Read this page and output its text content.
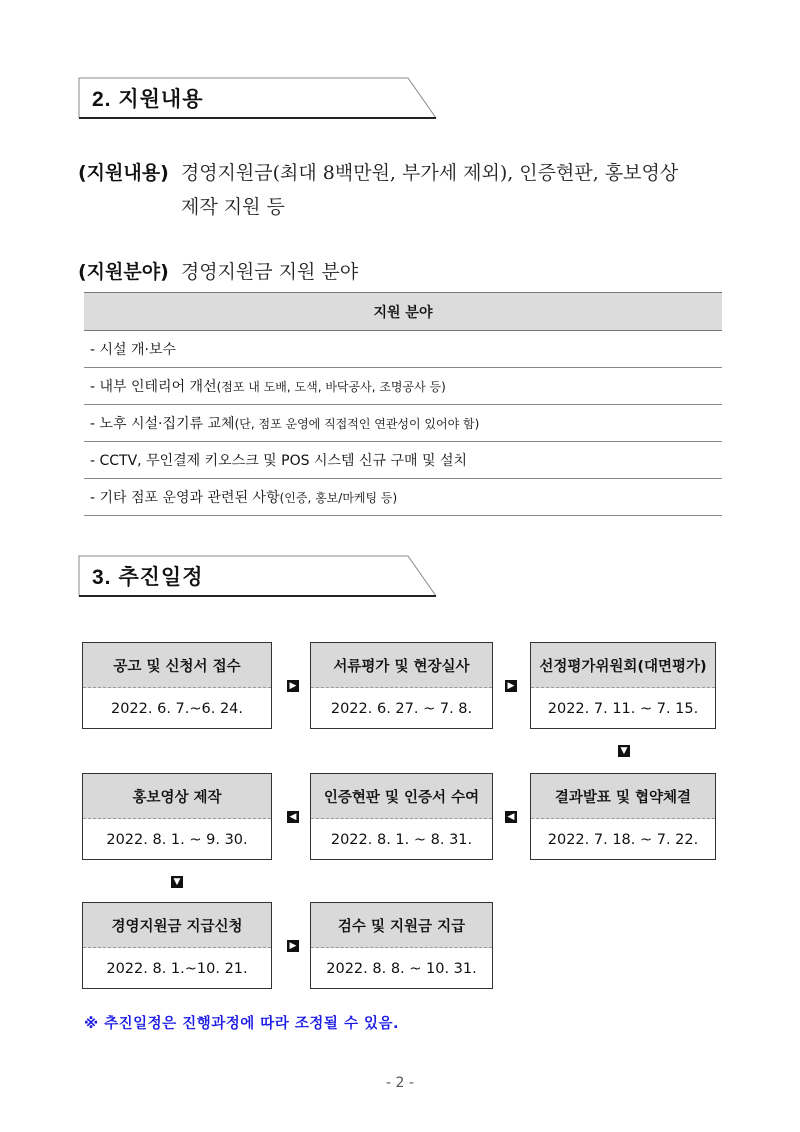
2. 지원내용
(지원내용) 경영지원금(최대 8백만원, 부가세 제외), 인증현판, 홍보영상
제작 지원 등
(지원분야) 경영지원금 지원 분야
지원 분야
- 시설 개·보수
- 내부 인테리어 개선(점포 내 도배, 도색, 바닥공사, 조명공사 등)
- 노후 시설·집기류 교체(단, 점포 운영에 직접적인 연관성이 있어야 함)
- CCTV, 무인결제 키오스크 및 POS 시스템 신규 구매 및 설치
- 기타 점포 운영과 관련된 사항(인증, 홍보/마케팅 등)
3. 추진일정
공고 및 신청서 접수
2022. 6. 7.~6. 24.
▶
서류평가 및 현장실사
2022. 6. 27. ~ 7. 8.
▶
선정평가위원회(대면평가)
2022. 7. 11. ~ 7. 15.
▼
홍보영상 제작
2022. 8. 1. ~ 9. 30.
◀
인증현판 및 인증서 수여
2022. 8. 1. ~ 8. 31.
◀
결과발표 및 협약체결
2022. 7. 18. ~ 7. 22.
▼
경영지원금 지급신청
2022. 8. 1.~10. 21.
▶
검수 및 지원금 지급
2022. 8. 8. ~ 10. 31.
※ 추진일정은 진행과정에 따라 조정될 수 있음.
- 2 -
